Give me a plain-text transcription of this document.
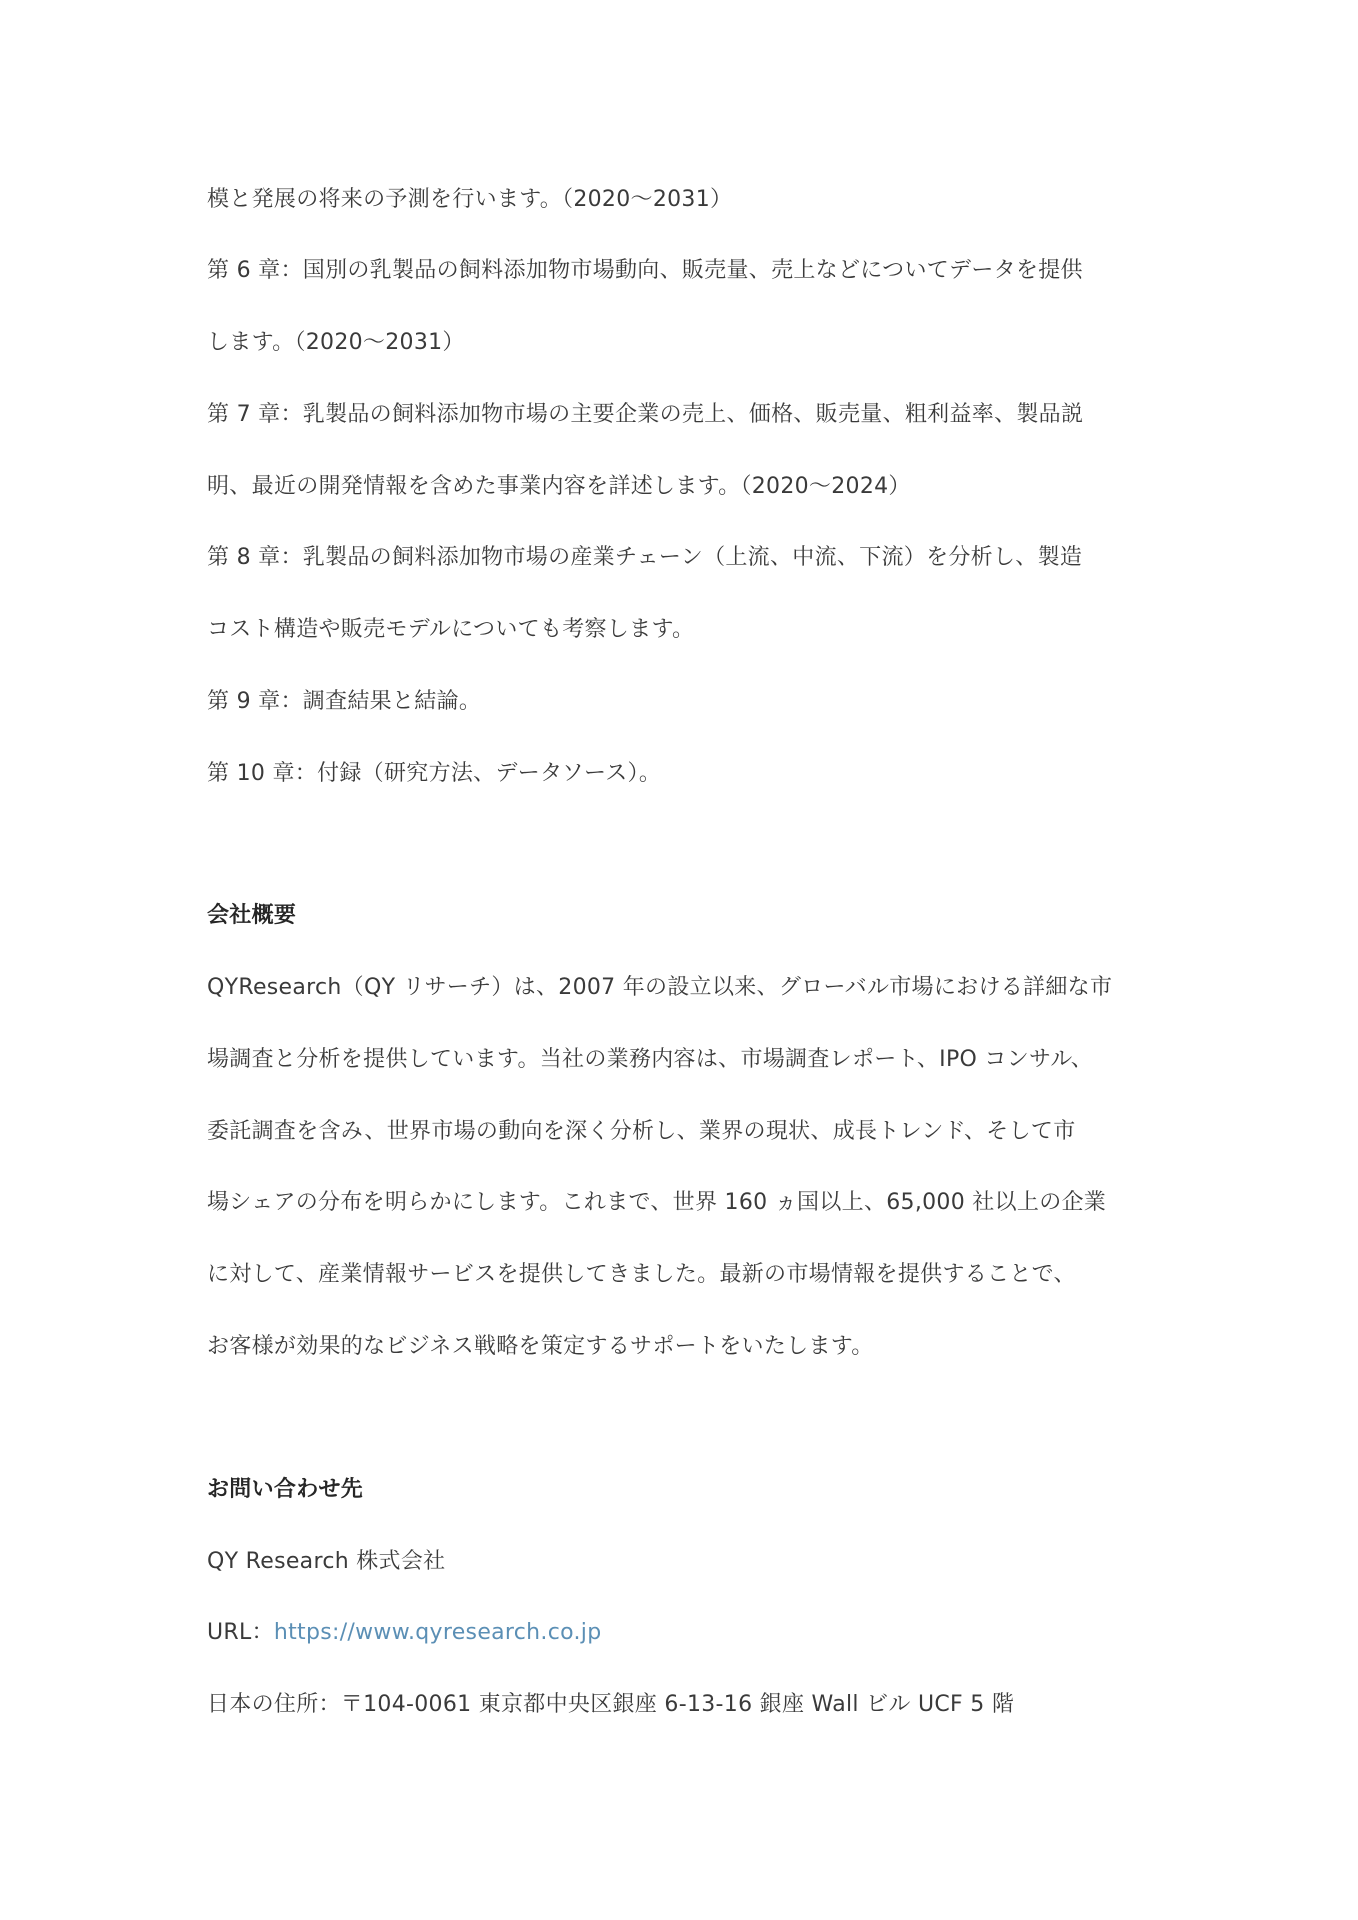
模と発展の将来の予測を行います。（2020～2031）
第 6 章：国別の乳製品の飼料添加物市場動向、販売量、売上などについてデータを提供
します。（2020～2031）
第 7 章：乳製品の飼料添加物市場の主要企業の売上、価格、販売量、粗利益率、製品説
明、最近の開発情報を含めた事業内容を詳述します。（2020～2024）
第 8 章：乳製品の飼料添加物市場の産業チェーン（上流、中流、下流）を分析し、製造
コスト構造や販売モデルについても考察します。
第 9 章：調査結果と結論。
第 10 章：付録（研究方法、データソース）。
会社概要
QYResearch（QY リサーチ）は、2007 年の設立以来、グローバル市場における詳細な市
場調査と分析を提供しています。当社の業務内容は、市場調査レポート、IPO コンサル、
委託調査を含み、世界市場の動向を深く分析し、業界の現状、成長トレンド、そして市
場シェアの分布を明らかにします。これまで、世界 160 ヵ国以上、65,000 社以上の企業
に対して、産業情報サービスを提供してきました。最新の市場情報を提供することで、
お客様が効果的なビジネス戦略を策定するサポートをいたします。
お問い合わせ先
QY Research 株式会社
URL：https://www.qyresearch.co.jp
日本の住所：〒104-0061 東京都中央区銀座 6-13-16 銀座 Wall ビル UCF 5 階
